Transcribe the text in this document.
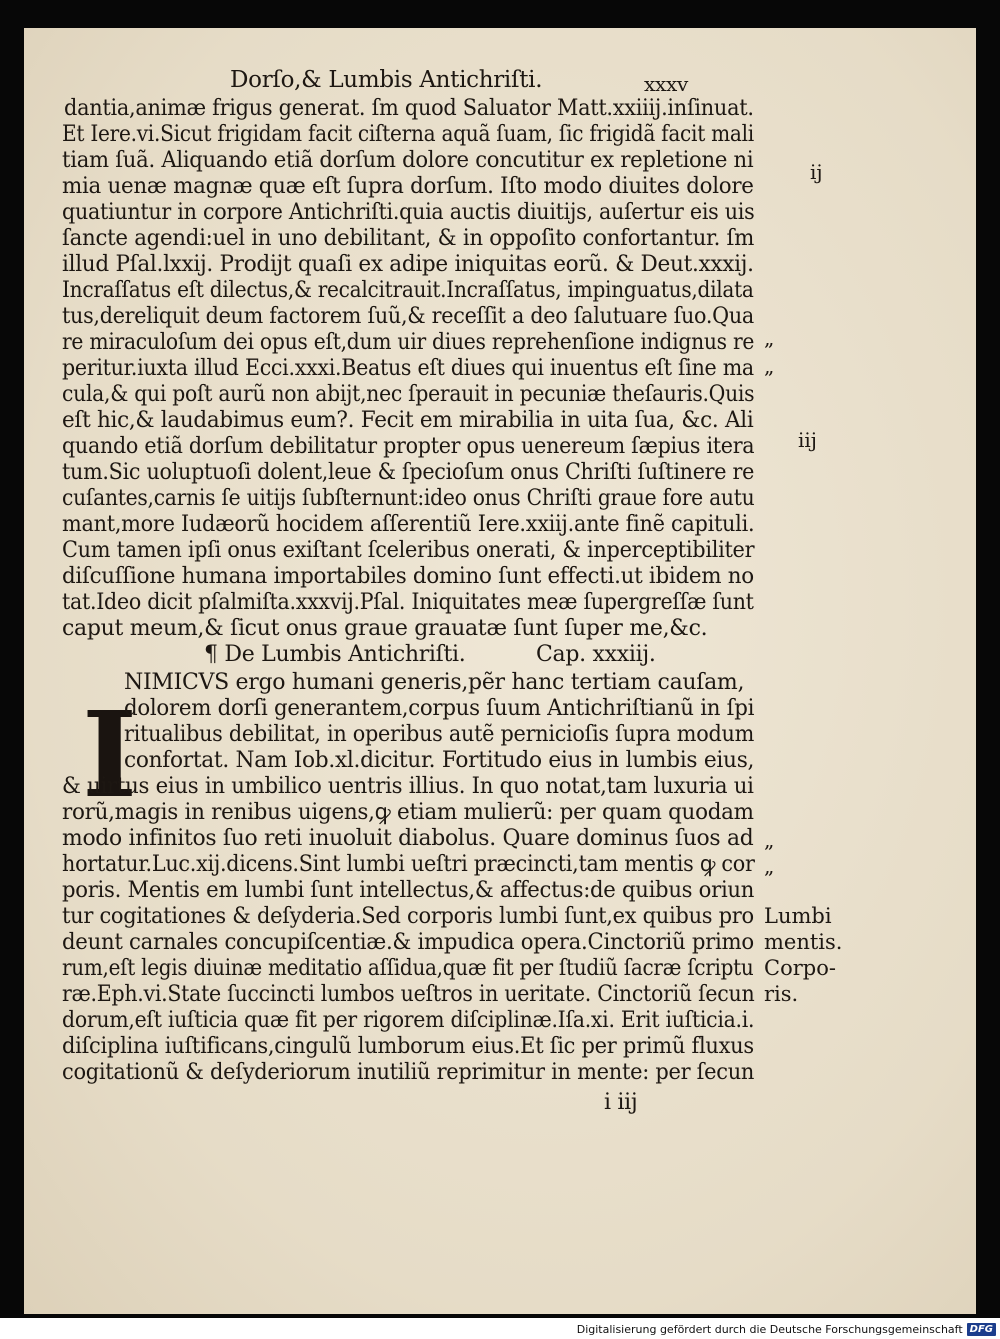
Dorſo,& Lumbis Antichriſti.	xxxv
dantia,animæ frigus generat. ſm quod Saluator Matt.xxiiij.inſinuat.
Et Iere.vi.Sicut frigidam facit ciſterna aquã ſuam, ſic frigidã facit mali
tiam ſuã. Aliquando etiã dorſum dolore concutitur ex repletione ni
mia uenæ magnæ quæ eſt ſupra dorſum. Iſto modo diuites dolore
quatiuntur in corpore Antichriſti.quia auctis diuitijs, auſertur eis uis
ſancte agendi:uel in uno debilitant, & in oppoſito confortantur. ſm
illud Pſal.lxxij. Prodijt quaſi ex adipe iniquitas eorũ. & Deut.xxxij.
Incraſſatus eſt dilectus,& recalcitrauit.Incraſſatus, impinguatus,dilata
tus,dereliquit deum factorem ſuũ,& receſſit a deo ſalutuare ſuo.Qua
re miraculoſum dei opus eſt,dum uir diues reprehenſione indignus re
peritur.iuxta illud Ecci.xxxi.Beatus eſt diues qui inuentus eſt ſine ma
cula,& qui poſt aurũ non abijt,nec ſperauit in pecuniæ theſauris.Quis
eſt hic,& laudabimus eum?. Fecit em mirabilia in uita ſua, &c. Ali
quando etiã dorſum debilitatur propter opus uenereum ſæpius itera
tum.Sic uoluptuoſi dolent,leue & ſpecioſum onus Chriſti ſuſtinere re
cuſantes,carnis ſe uitijs ſubſternunt:ideo onus Chriſti graue fore autu
mant,more Iudæorũ hocidem aſſerentiũ Iere.xxiij.ante finẽ capituli.
Cum tamen ipſi onus exiſtant ſceleribus onerati, & inperceptibiliter
diſcuſſione humana importabiles domino ſunt effecti.ut ibidem no
tat.Ideo dicit pſalmiſta.xxxvij.Pſal. Iniquitates meæ ſupergreſſæ ſunt
caput meum,& ſicut onus graue grauatæ ſunt ſuper me,&c.
¶ De Lumbis Antichriſti.	Cap. xxxiij.
I
NIMICVS ergo humani generis,pẽr hanc tertiam cauſam,
dolorem dorſi generantem,corpus ſuum Antichriſtianũ in ſpi
ritualibus debilitat, in operibus autẽ pernicioſis ſupra modum
confortat. Nam Iob.xl.dicitur. Fortitudo eius in lumbis eius,
& uirtus eius in umbilico uentris illius. In quo notat,tam luxuria ui
rorũ,magis in renibus uigens,ꝙ etiam mulierũ: per quam quodam
modo infinitos ſuo reti inuoluit diabolus. Quare dominus ſuos ad
hortatur.Luc.xij.dicens.Sint lumbi ueſtri præcincti,tam mentis ꝙ cor
poris. Mentis em lumbi ſunt intellectus,& affectus:de quibus oriun
tur cogitationes & deſyderia.Sed corporis lumbi ſunt,ex quibus pro
deunt carnales concupiſcentiæ.& impudica opera.Cinctoriũ primo
rum,eſt legis diuinæ meditatio aſſidua,quæ fit per ſtudiũ ſacræ ſcriptu
ræ.Eph.vi.State ſuccincti lumbos ueſtros in ueritate. Cinctoriũ ſecun
dorum,eſt iuſticia quæ fit per rigorem diſciplinæ.Iſa.xi. Erit iuſticia.i.
diſciplina iuſtificans,cingulũ lumborum eius.Et ſic per primũ fluxus
cogitationũ & deſyderiorum inutiliũ reprimitur in mente: per ſecun
i iij
ij
„
„
iij
„
„
Lumbi
mentis.
Corpo-
ris.
Digitalisierung gefördert durch die Deutsche Forschungsgemeinschaft DFG
